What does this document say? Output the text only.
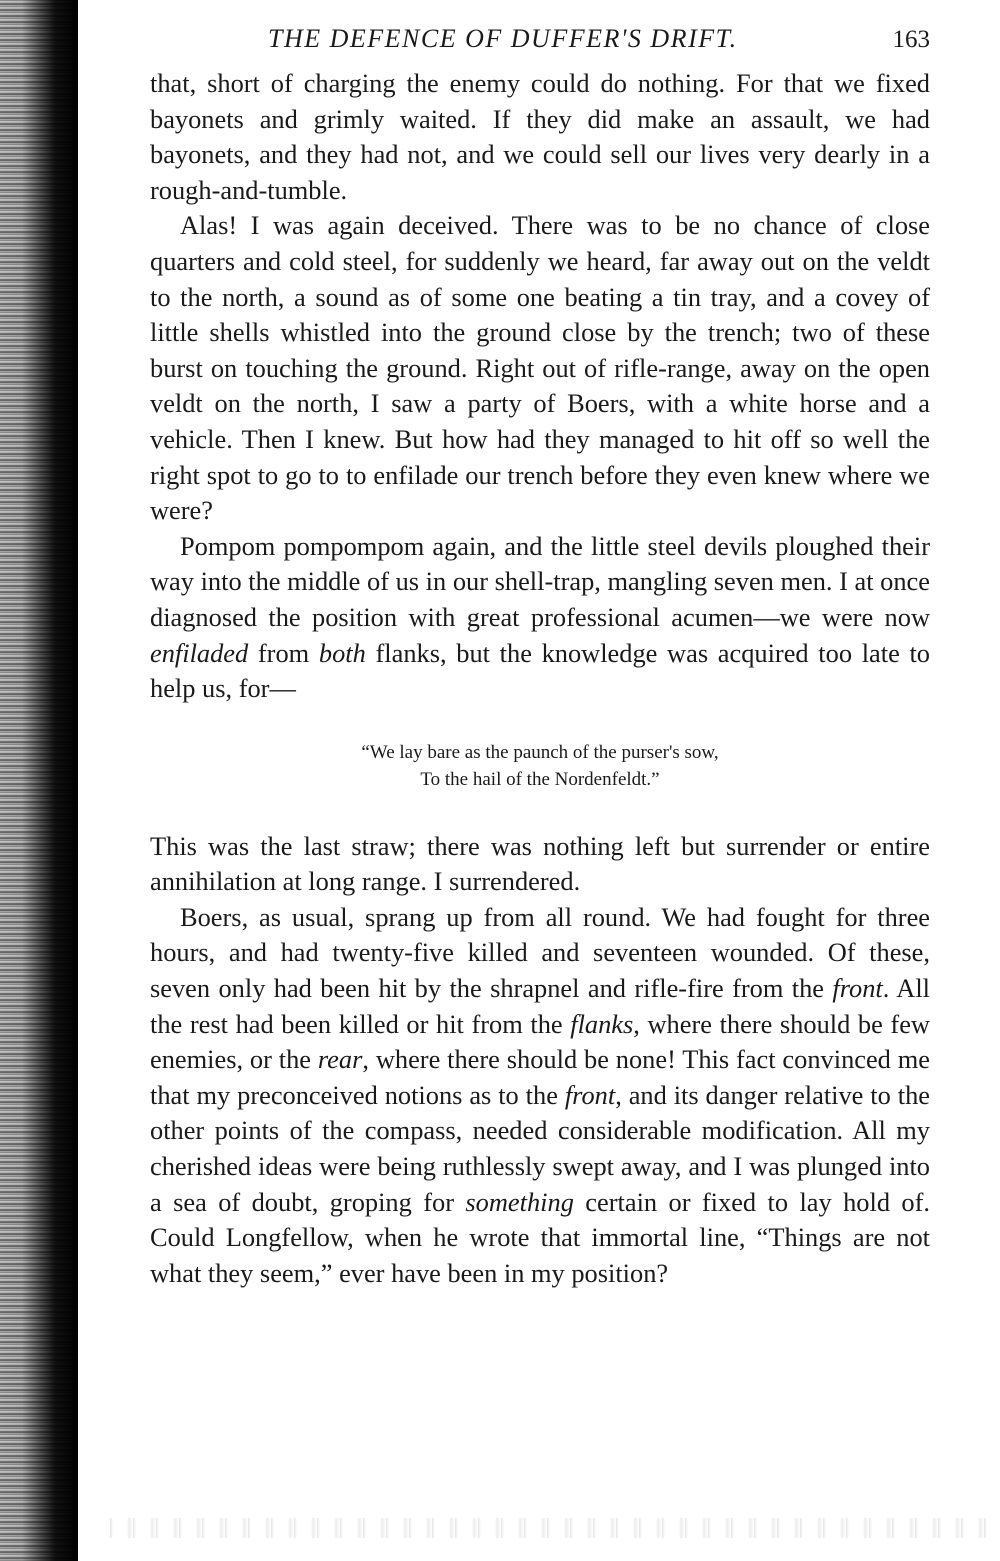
THE DEFENCE OF DUFFER'S DRIFT.	163

that, short of charging the enemy could do nothing. For that we fixed bayonets and grimly waited. If they did make an assault, we had bayonets, and they had not, and we could sell our lives very dearly in a rough-and-tumble.

Alas! I was again deceived. There was to be no chance of close quarters and cold steel, for suddenly we heard, far away out on the veldt to the north, a sound as of some one beating a tin tray, and a covey of little shells whistled into the ground close by the trench; two of these burst on touching the ground. Right out of rifle-range, away on the open veldt on the north, I saw a party of Boers, with a white horse and a vehicle. Then I knew. But how had they managed to hit off so well the right spot to go to to enfilade our trench before they even knew where we were?

Pompom pompompom again, and the little steel devils ploughed their way into the middle of us in our shell-trap, mangling seven men. I at once diagnosed the position with great professional acumen—we were now enfiladed from both flanks, but the knowledge was acquired too late to help us, for—

“We lay bare as the paunch of the purser's sow,
To the hail of the Nordenfeldt.”

This was the last straw; there was nothing left but surrender or entire annihilation at long range. I surrendered.

Boers, as usual, sprang up from all round. We had fought for three hours, and had twenty-five killed and seventeen wounded. Of these, seven only had been hit by the shrapnel and rifle-fire from the front. All the rest had been killed or hit from the flanks, where there should be few enemies, or the rear, where there should be none! This fact convinced me that my preconceived notions as to the front, and its danger relative to the other points of the compass, needed considerable modification. All my cherished ideas were being ruthlessly swept away, and I was plunged into a sea of doubt, groping for something certain or fixed to lay hold of. Could Longfellow, when he wrote that immortal line, “Things are not what they seem,” ever have been in my position?
